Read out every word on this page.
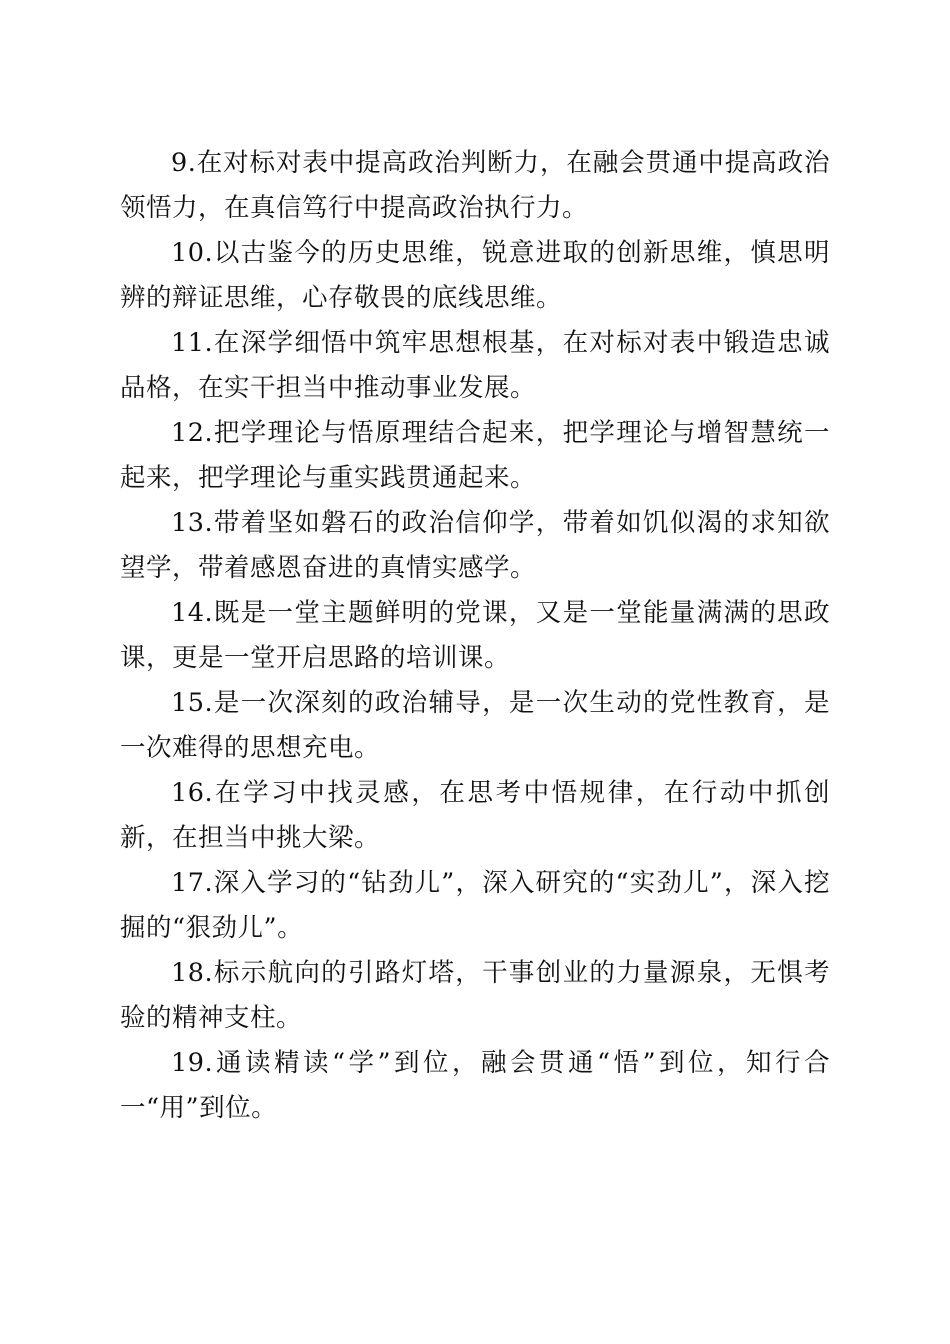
9.在对标对表中提高政治判断力，在融会贯通中提高政治领悟力，在真信笃行中提高政治执行力。

10.以古鉴今的历史思维，锐意进取的创新思维，慎思明辨的辩证思维，心存敬畏的底线思维。

11.在深学细悟中筑牢思想根基，在对标对表中锻造忠诚品格，在实干担当中推动事业发展。

12.把学理论与悟原理结合起来，把学理论与增智慧统一起来，把学理论与重实践贯通起来。

13.带着坚如磐石的政治信仰学，带着如饥似渴的求知欲望学，带着感恩奋进的真情实感学。

14.既是一堂主题鲜明的党课，又是一堂能量满满的思政课，更是一堂开启思路的培训课。

15.是一次深刻的政治辅导，是一次生动的党性教育，是一次难得的思想充电。

16.在学习中找灵感，在思考中悟规律，在行动中抓创新，在担当中挑大梁。

17.深入学习的“钻劲儿”，深入研究的“实劲儿”，深入挖掘的“狠劲儿”。

18.标示航向的引路灯塔，干事创业的力量源泉，无惧考验的精神支柱。

19.通读精读“学”到位，融会贯通“悟”到位，知行合一“用”到位。
